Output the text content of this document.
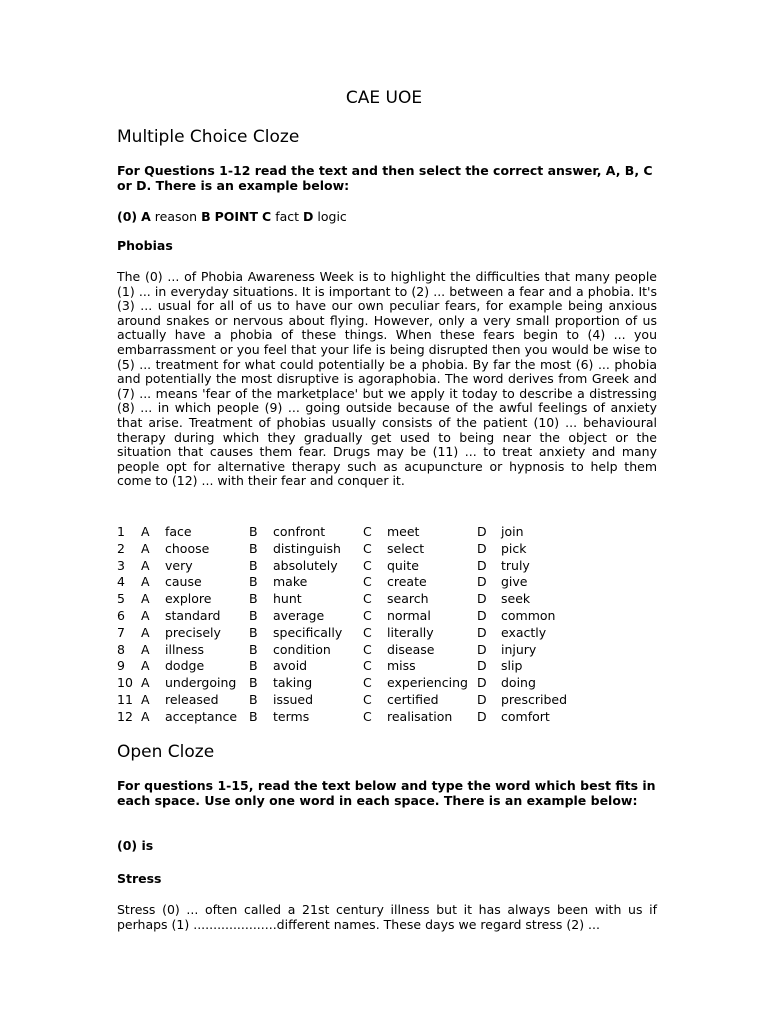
CAE UOE
Multiple Choice Cloze
For Questions 1-12 read the text and then select the correct answer, A, B, C or D. There is an example below:
(0) A reason B POINT C fact D logic
Phobias
The (0) ... of Phobia Awareness Week is to highlight the difficulties that many people (1) ... in everyday situations. It is important to (2) ... between a fear and a phobia. It's (3) ... usual for all of us to have our own peculiar fears, for example being anxious around snakes or nervous about flying. However, only a very small proportion of us actually have a phobia of these things. When these fears begin to (4) ... you embarrassment or you feel that your life is being disrupted then you would be wise to (5) ... treatment for what could potentially be a phobia. By far the most (6) ... phobia and potentially the most disruptive is agoraphobia. The word derives from Greek and (7) ... means 'fear of the marketplace' but we apply it today to describe a distressing (8) ... in which people (9) ... going outside because of the awful feelings of anxiety that arise. Treatment of phobias usually consists of the patient (10) ... behavioural therapy during which they gradually get used to being near the object or the situation that causes them fear. Drugs may be (11) ... to treat anxiety and many people opt for alternative therapy such as acupuncture or hypnosis to help them come to (12) ... with their fear and conquer it.
1	A	face	B	confront	C	meet	D	join
2	A	choose	B	distinguish	C	select	D	pick
3	A	very	B	absolutely	C	quite	D	truly
4	A	cause	B	make	C	create	D	give
5	A	explore	B	hunt	C	search	D	seek
6	A	standard	B	average	C	normal	D	common
7	A	precisely	B	specifically	C	literally	D	exactly
8	A	illness	B	condition	C	disease	D	injury
9	A	dodge	B	avoid	C	miss	D	slip
10	A	undergoing	B	taking	C	experiencing	D	doing
11	A	released	B	issued	C	certified	D	prescribed
12	A	acceptance	B	terms	C	realisation	D	comfort
Open Cloze
For questions 1-15, read the text below and type the word which best fits in each space. Use only one word in each space. There is an example below:
(0) is
Stress
Stress (0) ... often called a 21st century illness but it has always been with us if perhaps (1) .....................different names. These days we regard stress (2) ...
